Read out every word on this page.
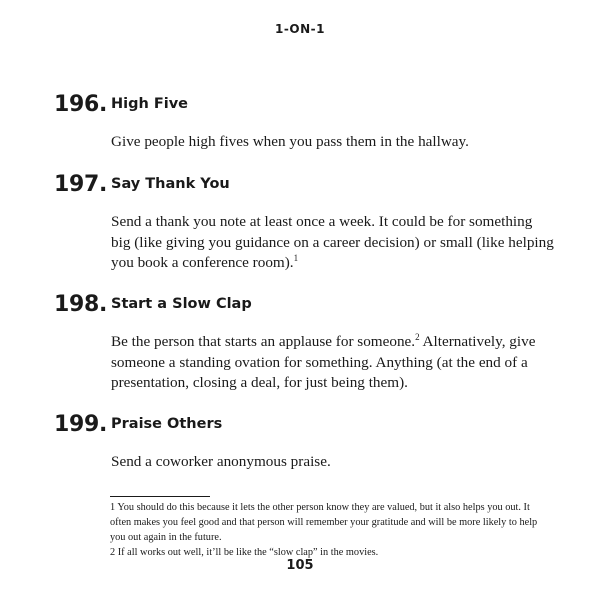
1-ON-1
196. High Five

Give people high fives when you pass them in the hallway.

197. Say Thank You

Send a thank you note at least once a week. It could be for something big (like giving you guidance on a career decision) or small (like helping you book a conference room).$^1$

198. Start a Slow Clap

Be the person that starts an applause for someone.$^2$ Alternatively, give someone a standing ovation for something. Anything (at the end of a presentation, closing a deal, for just being them).

199. Praise Others

Send a coworker anonymous praise.

1 You should do this because it lets the other person know they are valued, but it also helps you out. It often makes you feel good and that person will remember your gratitude and will be more likely to help you out again in the future.

2 If all works out well, it’ll be like the “slow clap” in the movies.

105
